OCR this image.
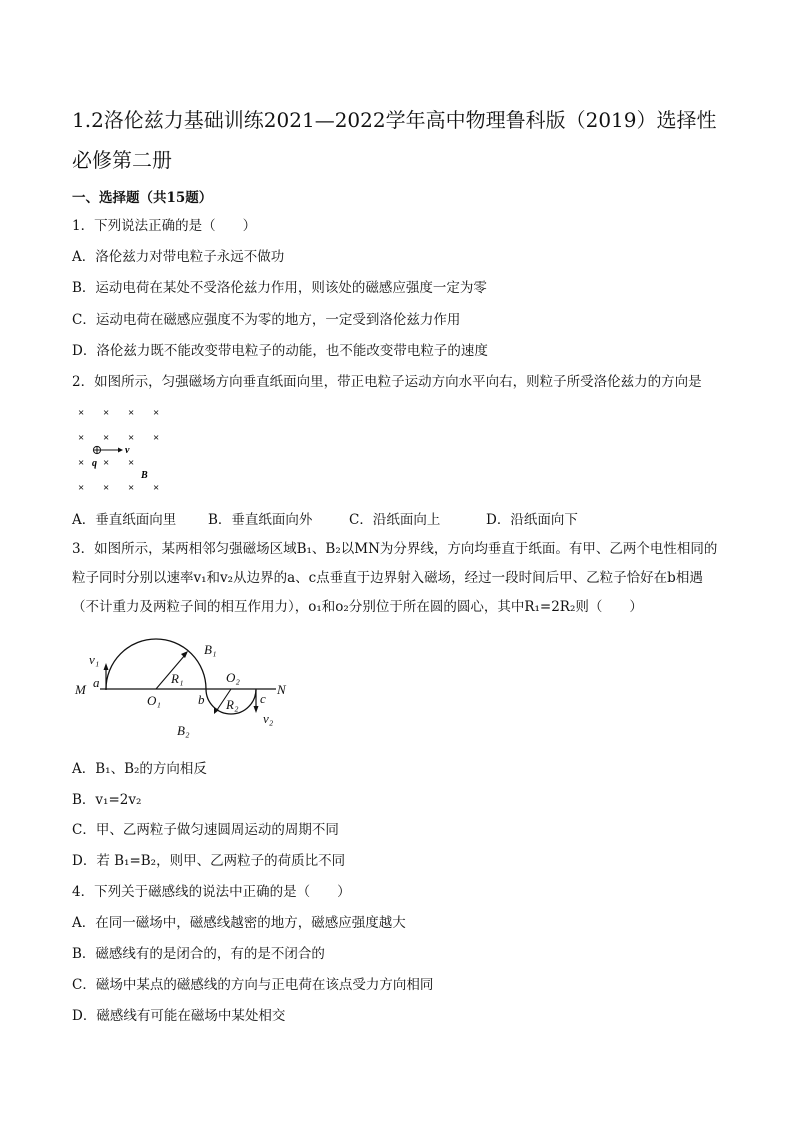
1.2洛伦兹力基础训练2021—2022学年高中物理鲁科版（2019）选择性必修第二册
一、选择题（共15题）
1．下列说法正确的是（　　）
A．洛伦兹力对带电粒子永远不做功
B．运动电荷在某处不受洛伦兹力作用，则该处的磁感应强度一定为零
C．运动电荷在磁感应强度不为零的地方，一定受到洛伦兹力作用
D．洛伦兹力既不能改变带电粒子的动能，也不能改变带电粒子的速度
2．如图所示，匀强磁场方向垂直纸面向里，带正电粒子运动方向水平向右，则粒子所受洛伦兹力的方向是
× × × ×
× × × ×
× × ×
× × × ×
v
q
B
A．垂直纸面向里 B．垂直纸面向外	C．沿纸面向上	D．沿纸面向下
3．如图所示，某两相邻匀强磁场区域B₁、B₂以MN为分界线，方向均垂直于纸面。有甲、乙两个电性相同的粒子同时分别以速率v₁和v₂从边界的a、c点垂直于边界射入磁场，经过一段时间后甲、乙粒子恰好在b相遇（不计重力及两粒子间的相互作用力），o₁和o₂分别位于所在圆的圆心，其中R₁=2R₂则（　　）
v₁
B₁
O₂
M a	R₁
O₁	b R₂ c
N
v₂
B₂
A．B₁、B₂的方向相反
B．v₁=2v₂
C．甲、乙两粒子做匀速圆周运动的周期不同
D．若 B₁=B₂，则甲、乙两粒子的荷质比不同
4．下列关于磁感线的说法中正确的是（　　）
A．在同一磁场中，磁感线越密的地方，磁感应强度越大
B．磁感线有的是闭合的，有的是不闭合的
C．磁场中某点的磁感线的方向与正电荷在该点受力方向相同
D．磁感线有可能在磁场中某处相交
